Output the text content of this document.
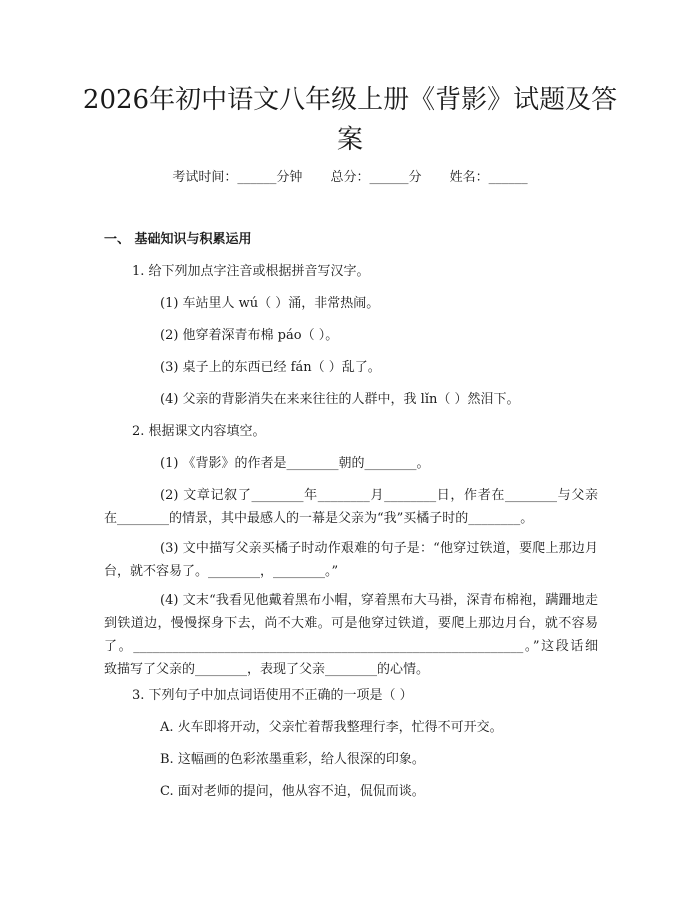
2026年初中语文八年级上册《背影》试题及答案
考试时间：______分钟 总分：______分 姓名：______
一、 基础知识与积累运用
1. 给下列加点字注音或根据拼音写汉字。
(1) 车站里人 wú（ ）涌，非常热闹。
(2) 他穿着深青布棉 páo（ ）。
(3) 桌子上的东西已经 fán（ ）乱了。
(4) 父亲的背影消失在来来往往的人群中，我 lǐn（ ）然泪下。
2. 根据课文内容填空。
(1) 《背影》的作者是________朝的________。
(2) 文章记叙了________年________月________日，作者在________与父亲在________的情景，其中最感人的一幕是父亲为“我”买橘子时的________。
(3) 文中描写父亲买橘子时动作艰难的句子是：“他穿过铁道，要爬上那边月台，就不容易了。________，________。”
(4) 文末“我看见他戴着黑布小帽，穿着黑布大马褂，深青布棉袍，蹒跚地走到铁道边，慢慢探身下去，尚不大难。可是他穿过铁道，要爬上那边月台，就不容易了。____________________________________________________________。”这段话细致描写了父亲的________，表现了父亲________的心情。
3. 下列句子中加点词语使用不正确的一项是（ ）
A. 火车即将开动，父亲忙着帮我整理行李，忙得不可开交。
B. 这幅画的色彩浓墨重彩，给人很深的印象。
C. 面对老师的提问，他从容不迫，侃侃而谈。
